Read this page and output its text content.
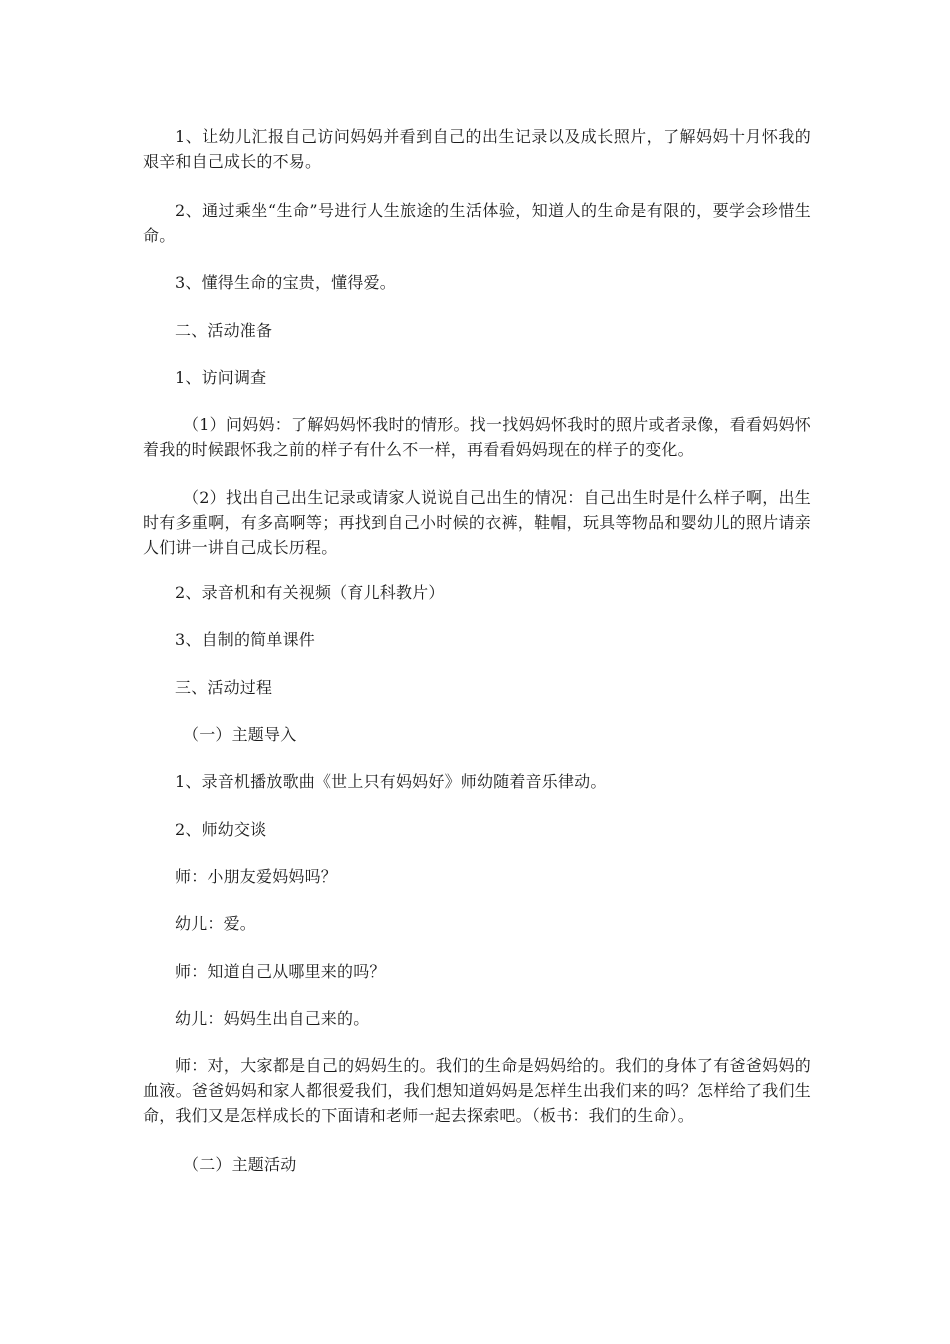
1、让幼儿汇报自己访问妈妈并看到自己的出生记录以及成长照片，了解妈妈十月怀我的艰辛和自己成长的不易。

2、通过乘坐“生命”号进行人生旅途的生活体验，知道人的生命是有限的，要学会珍惜生命。

3、懂得生命的宝贵，懂得爱。

二、活动准备

1、访问调查

（1）问妈妈：了解妈妈怀我时的情形。找一找妈妈怀我时的照片或者录像，看看妈妈怀着我的时候跟怀我之前的样子有什么不一样，再看看妈妈现在的样子的变化。

（2）找出自己出生记录或请家人说说自己出生的情况：自己出生时是什么样子啊，出生时有多重啊，有多高啊等；再找到自己小时候的衣裤，鞋帽，玩具等物品和婴幼儿的照片请亲人们讲一讲自己成长历程。

2、录音机和有关视频（育儿科教片）

3、自制的简单课件

三、活动过程

（一）主题导入

1、录音机播放歌曲《世上只有妈妈好》师幼随着音乐律动。

2、师幼交谈

师：小朋友爱妈妈吗？

幼儿：爱。

师：知道自己从哪里来的吗？

幼儿：妈妈生出自己来的。

师：对，大家都是自己的妈妈生的。我们的生命是妈妈给的。我们的身体了有爸爸妈妈的血液。爸爸妈妈和家人都很爱我们，我们想知道妈妈是怎样生出我们来的吗？怎样给了我们生命，我们又是怎样成长的下面请和老师一起去探索吧。（板书：我们的生命）。

（二）主题活动
